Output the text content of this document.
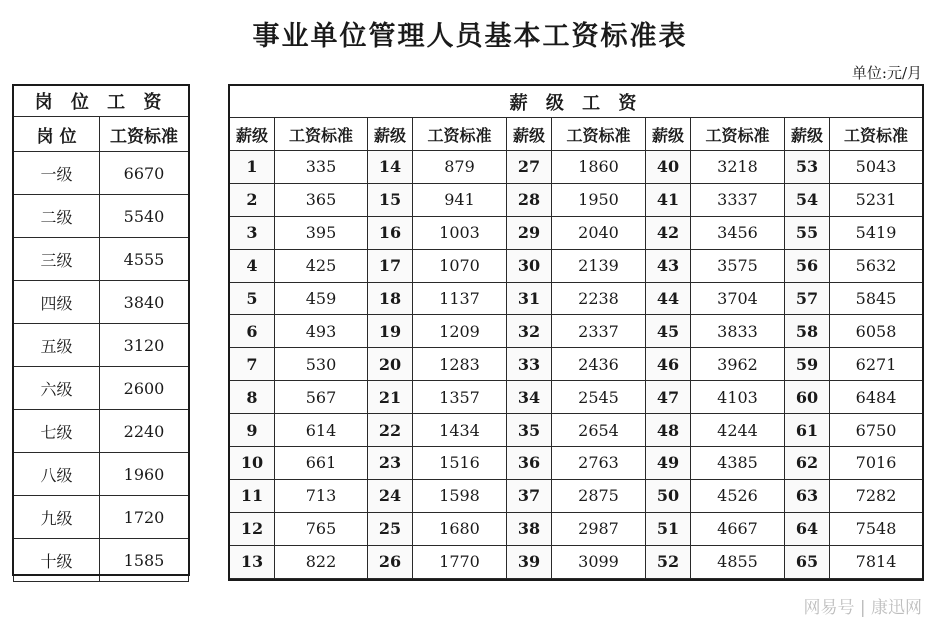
事业单位管理人员基本工资标准表
单位:元/月
岗 位 工 资	
岗 位	工资标准
一级	6670
二级	5540
三级	4555
四级	3840
五级	3120
六级	2600
七级	2240
八级	1960
九级	1720
十级	1585
薪 级 工 资									
薪级	工资标准	薪级	工资标准	薪级	工资标准	薪级	工资标准	薪级	工资标准
1	335	14	879	27	1860	40	3218	53	5043
2	365	15	941	28	1950	41	3337	54	5231
3	395	16	1003	29	2040	42	3456	55	5419
4	425	17	1070	30	2139	43	3575	56	5632
5	459	18	1137	31	2238	44	3704	57	5845
6	493	19	1209	32	2337	45	3833	58	6058
7	530	20	1283	33	2436	46	3962	59	6271
8	567	21	1357	34	2545	47	4103	60	6484
9	614	22	1434	35	2654	48	4244	61	6750
10	661	23	1516	36	2763	49	4385	62	7016
11	713	24	1598	37	2875	50	4526	63	7282
12	765	25	1680	38	2987	51	4667	64	7548
13	822	26	1770	39	3099	52	4855	65	7814
网易号 | 康迅网
